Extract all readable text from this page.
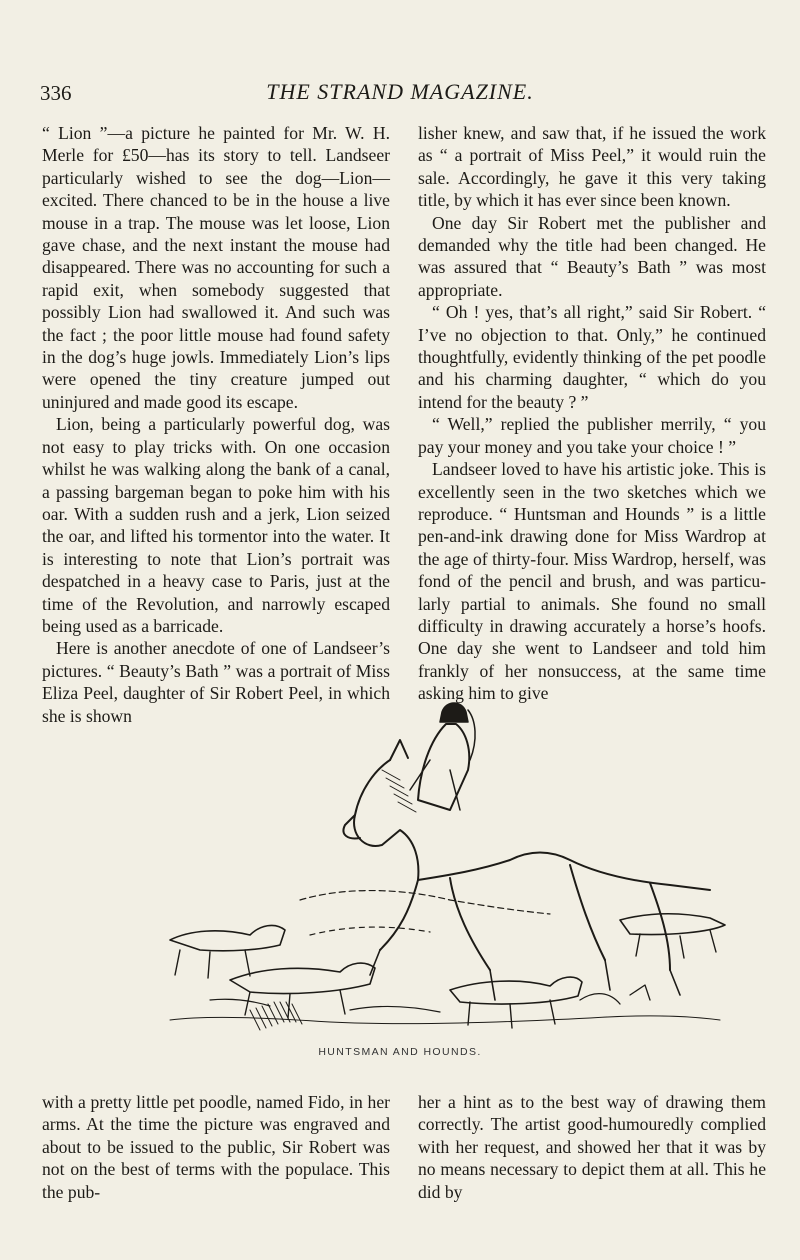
336	THE STRAND MAGAZINE.

“ Lion ”—a picture he painted for Mr. W. H. Merle for £50—has its story to tell. Landseer particularly wished to see the dog—Lion—excited. There chanced to be in the house a live mouse in a trap. The mouse was let loose, Lion gave chase, and the next instant the mouse had disappeared. There was no accounting for such a rapid exit, when somebody suggested that possibly Lion had swallowed it. And such was the fact ; the poor little mouse had found safety in the dog’s huge jowls. Immediately Lion’s lips were opened the tiny creature jumped out uninjured and made good its escape.

Lion, being a particularly powerful dog, was not easy to play tricks with. On one occasion whilst he was walking along the bank of a canal, a passing bargeman began to poke him with his oar. With a sudden rush and a jerk, Lion seized the oar, and lifted his tormentor into the water. It is interesting to note that Lion’s portrait was despatched in a heavy case to Paris, just at the time of the Revolution, and narrowly escaped being used as a barricade.

Here is another anecdote of one of Landseer’s pictures. “ Beauty’s Bath ” was a portrait of Miss Eliza Peel, daughter of Sir Robert Peel, in which she is shown

lisher knew, and saw that, if he issued the work as “ a portrait of Miss Peel,” it would ruin the sale. Accordingly, he gave it this very taking title, by which it has ever since been known.

One day Sir Robert met the publisher and demanded why the title had been changed. He was assured that “ Beauty’s Bath ” was most appropriate.

“ Oh ! yes, that’s all right,” said Sir Robert. “ I’ve no objection to that. Only,” he continued thoughtfully, evidently thinking of the pet poodle and his charming daughter, “ which do you intend for the beauty ? ”

“ Well,” replied the publisher merrily, “ you pay your money and you take your choice ! ”

Landseer loved to have his artistic joke. This is excellently seen in the two sketches which we reproduce. “ Huntsman and Hounds ” is a little pen-and-ink drawing done for Miss Wardrop at the age of thirty-four. Miss Wardrop, herself, was fond of the pencil and brush, and was particularly partial to animals. She found no small difficulty in drawing accurately a horse’s hoofs. One day she went to Landseer and told him frankly of her nonsuccess, at the same time asking him to give

HUNTSMAN AND HOUNDS.

with a pretty little pet poodle, named Fido, in her arms. At the time the picture was engraved and about to be issued to the public, Sir Robert was not on the best of terms with the populace. This the pub-

her a hint as to the best way of drawing them correctly. The artist good-humouredly complied with her request, and showed her that it was by no means necessary to depict them at all. This he did by
